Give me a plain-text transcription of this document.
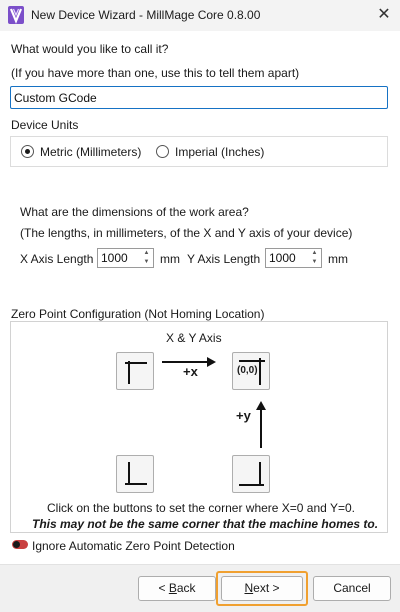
New Device Wizard - MillMage Core 0.8.00	✕
What would you like to call it?
(If you have more than one, use this to tell them apart)
Custom GCode
Device Units
Metric (Millimeters)	Imperial (Inches)
What are the dimensions of the work area?
(The lengths, in millimeters, of the X and Y axis of your device)
X Axis Length 1000	▲
▼ mm Y Axis Length 1000	▲
▼ mm
Zero Point Configuration (Not Homing Location)
X & Y Axis
(0,0)
+x
+y
Click on the buttons to set the corner where X=0 and Y=0.
This may not be the same corner that the machine homes to.
Ignore Automatic Zero Point Detection
< Back	Next >	Cancel
